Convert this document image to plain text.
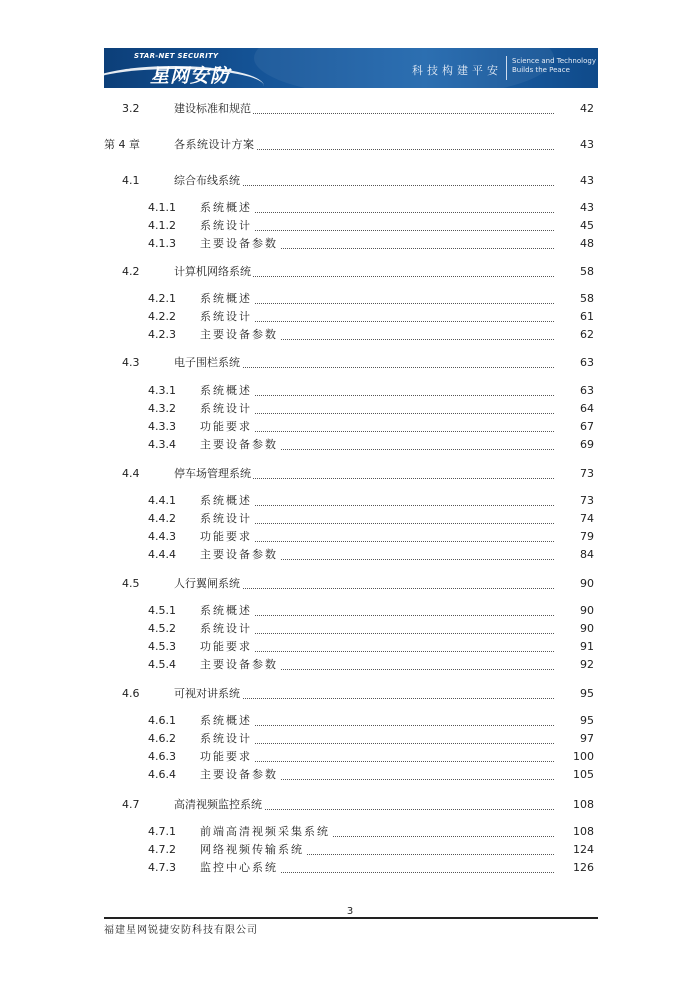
STAR-NET SECURITY
星网安防	科技构建平安
Science and Technology
Builds the Peace
3.2	建设标准和规范	42
第 4 章	各系统设计方案	43
4.1	综合布线系统	43
4.1.1 系统概述	43
4.1.2 系统设计	45
4.1.3 主要设备参数	48
4.2	计算机网络系统	58
4.2.1 系统概述	58
4.2.2 系统设计	61
4.2.3 主要设备参数	62
4.3	电子围栏系统	63
4.3.1 系统概述	63
4.3.2 系统设计	64
4.3.3 功能要求	67
4.3.4 主要设备参数	69
4.4	停车场管理系统	73
4.4.1 系统概述	73
4.4.2 系统设计	74
4.4.3 功能要求	79
4.4.4 主要设备参数	84
4.5	人行翼闸系统	90
4.5.1 系统概述	90
4.5.2 系统设计	90
4.5.3 功能要求	91
4.5.4 主要设备参数	92
4.6	可视对讲系统	95
4.6.1 系统概述	95
4.6.2 系统设计	97
4.6.3 功能要求	100
4.6.4 主要设备参数	105
4.7	高清视频监控系统	108
4.7.1 前端高清视频采集系统	108
4.7.2 网络视频传输系统	124
4.7.3 监控中心系统	126
3
福建星网锐捷安防科技有限公司
